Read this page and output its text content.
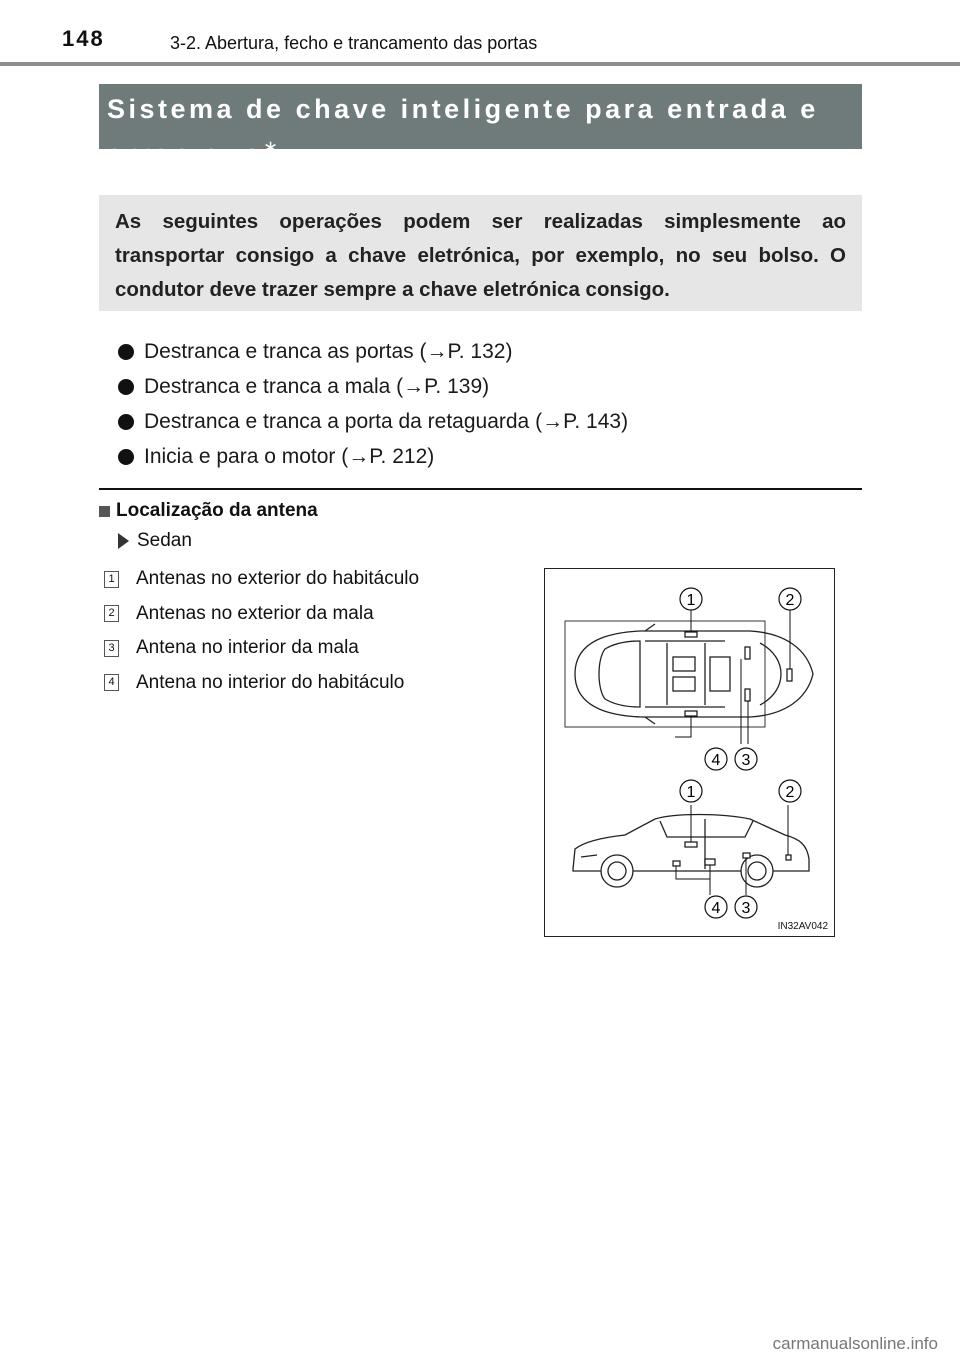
148	3-2. Abertura, fecho e trancamento das portas
Sistema de chave inteligente para entrada e arran-que∗
As seguintes operações podem ser realizadas simplesmente ao transportar consigo a chave eletrónica, por exemplo, no seu bolso. O condutor deve trazer sempre a chave eletrónica consigo.
Destranca e tranca as portas (→P. 132)
Destranca e tranca a mala (→P. 139)
Destranca e tranca a porta da retaguarda (→P. 143)
Inicia e para o motor (→P. 212)
Localização da antena
Sedan
1 Antenas no exterior do habitáculo
2 Antenas no exterior da mala
3 Antena no interior da mala
4 Antena no interior do habitáculo
1	2
4 3
1	2
4 3
IN32AV042
carmanualsonline.info
